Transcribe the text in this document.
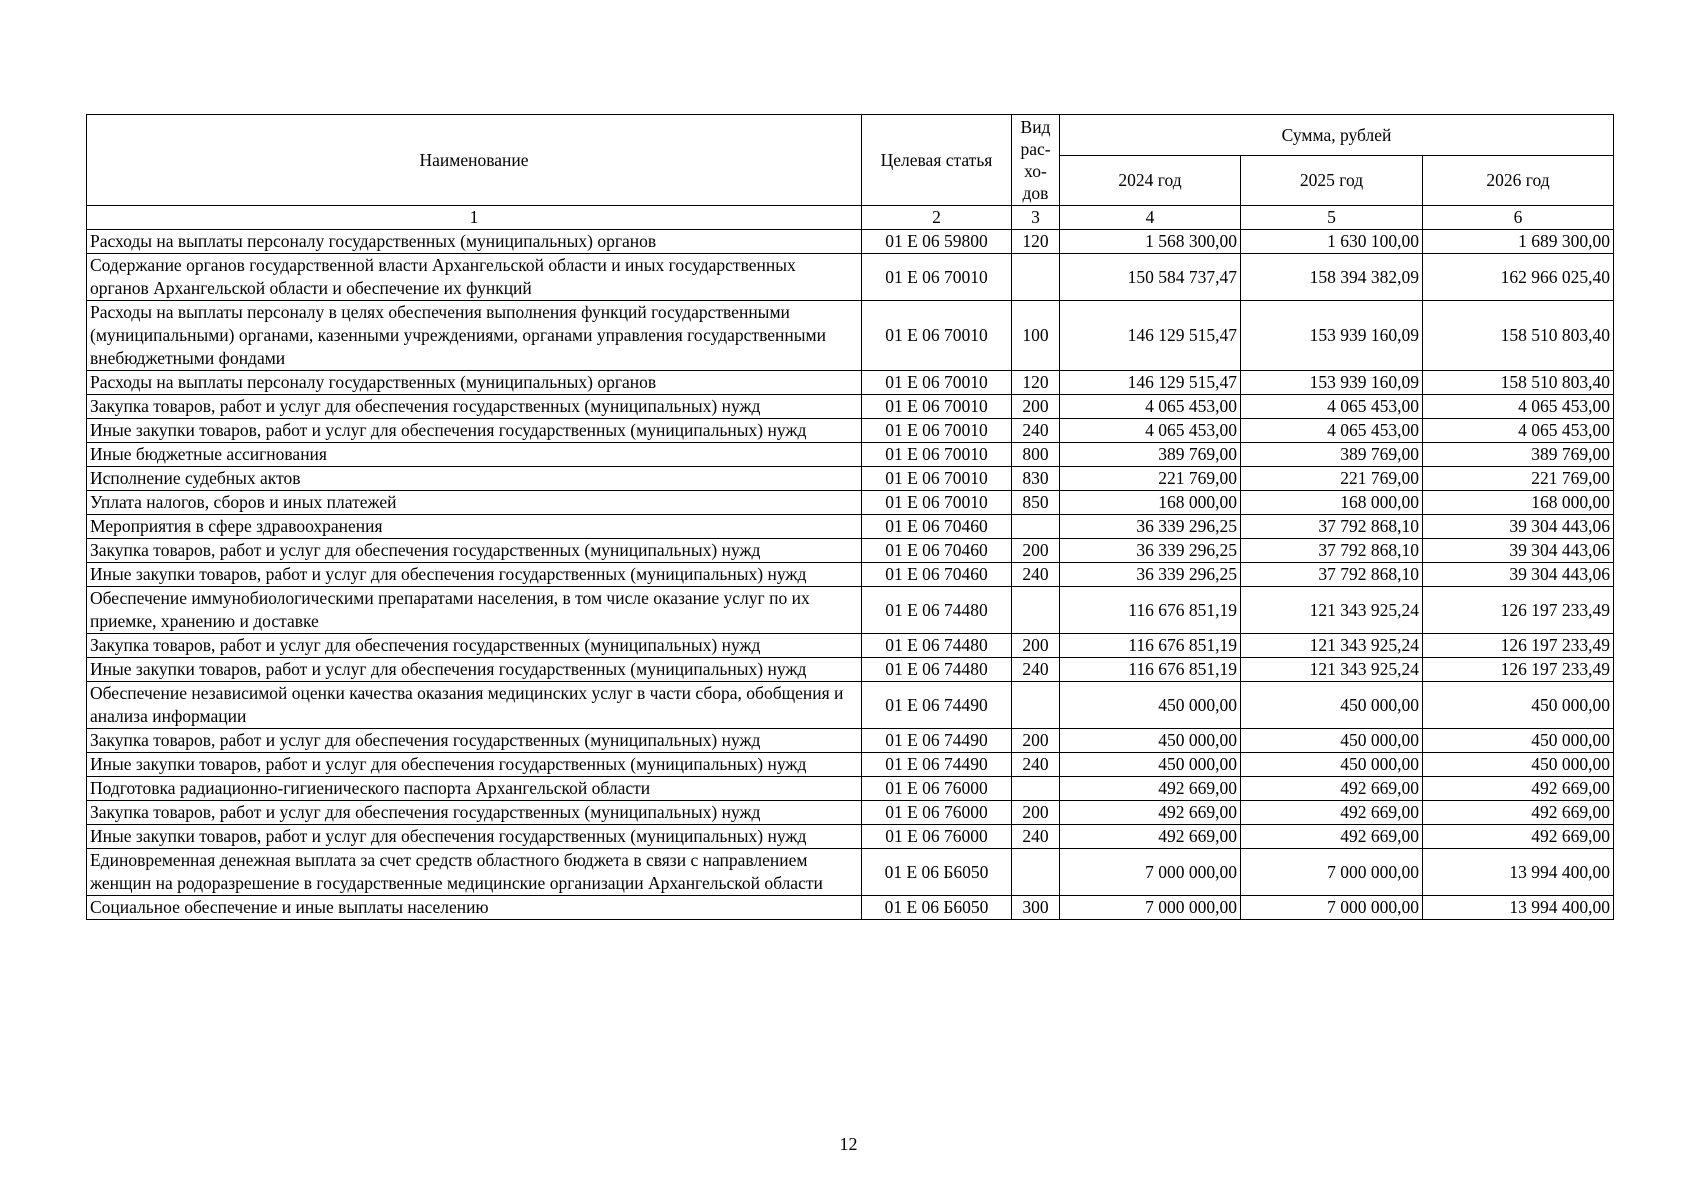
Наименование	Целевая статья	Вид рас-хо-дов	Сумма, рублей		
			2024 год	2025 год	2026 год
1	2	3	4	5	6
Расходы на выплаты персоналу государственных (муниципальных) органов	01 Е 06 59800	120	1 568 300,00	1 630 100,00	1 689 300,00
Содержание органов государственной власти Архангельской области и иных государственных органов Архангельской области и обеспечение их функций	01 Е 06 70010		150 584 737,47	158 394 382,09	162 966 025,40
Расходы на выплаты персоналу в целях обеспечения выполнения функций государственными (муниципальными) органами, казенными учреждениями, органами управления государственными внебюджетными фондами	01 Е 06 70010	100	146 129 515,47	153 939 160,09	158 510 803,40
Расходы на выплаты персоналу государственных (муниципальных) органов	01 Е 06 70010	120	146 129 515,47	153 939 160,09	158 510 803,40
Закупка товаров, работ и услуг для обеспечения государственных (муниципальных) нужд	01 Е 06 70010	200	4 065 453,00	4 065 453,00	4 065 453,00
Иные закупки товаров, работ и услуг для обеспечения государственных (муниципальных) нужд	01 Е 06 70010	240	4 065 453,00	4 065 453,00	4 065 453,00
Иные бюджетные ассигнования	01 Е 06 70010	800	389 769,00	389 769,00	389 769,00
Исполнение судебных актов	01 Е 06 70010	830	221 769,00	221 769,00	221 769,00
Уплата налогов, сборов и иных платежей	01 Е 06 70010	850	168 000,00	168 000,00	168 000,00
Мероприятия в сфере здравоохранения	01 Е 06 70460		36 339 296,25	37 792 868,10	39 304 443,06
Закупка товаров, работ и услуг для обеспечения государственных (муниципальных) нужд	01 Е 06 70460	200	36 339 296,25	37 792 868,10	39 304 443,06
Иные закупки товаров, работ и услуг для обеспечения государственных (муниципальных) нужд	01 Е 06 70460	240	36 339 296,25	37 792 868,10	39 304 443,06
Обеспечение иммунобиологическими препаратами населения, в том числе оказание услуг по их приемке, хранению и доставке	01 Е 06 74480		116 676 851,19	121 343 925,24	126 197 233,49
Закупка товаров, работ и услуг для обеспечения государственных (муниципальных) нужд	01 Е 06 74480	200	116 676 851,19	121 343 925,24	126 197 233,49
Иные закупки товаров, работ и услуг для обеспечения государственных (муниципальных) нужд	01 Е 06 74480	240	116 676 851,19	121 343 925,24	126 197 233,49
Обеспечение независимой оценки качества оказания медицинских услуг в части сбора, обобщения и анализа информации	01 Е 06 74490		450 000,00	450 000,00	450 000,00
Закупка товаров, работ и услуг для обеспечения государственных (муниципальных) нужд	01 Е 06 74490	200	450 000,00	450 000,00	450 000,00
Иные закупки товаров, работ и услуг для обеспечения государственных (муниципальных) нужд	01 Е 06 74490	240	450 000,00	450 000,00	450 000,00
Подготовка радиационно-гигиенического паспорта Архангельской области	01 Е 06 76000		492 669,00	492 669,00	492 669,00
Закупка товаров, работ и услуг для обеспечения государственных (муниципальных) нужд	01 Е 06 76000	200	492 669,00	492 669,00	492 669,00
Иные закупки товаров, работ и услуг для обеспечения государственных (муниципальных) нужд	01 Е 06 76000	240	492 669,00	492 669,00	492 669,00
Единовременная денежная выплата за счет средств областного бюджета в связи с направлением женщин на родоразрешение в государственные медицинские организации Архангельской области	01 Е 06 Б6050		7 000 000,00	7 000 000,00	13 994 400,00
Социальное обеспечение и иные выплаты населению	01 Е 06 Б6050	300	7 000 000,00	7 000 000,00	13 994 400,00
12
